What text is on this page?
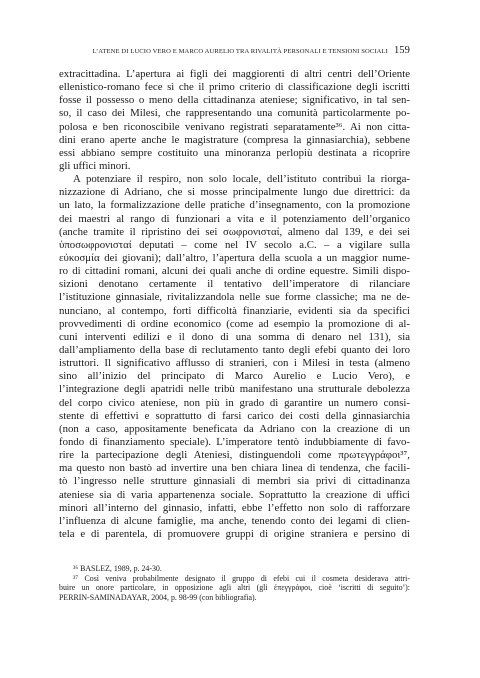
L’ATENE DI LUCIO VERO E MARCO AURELIO TRA RIVALITÀ PERSONALI E TENSIONI SOCIALI 159
extracittadina. L’apertura ai figli dei maggiorenti di altri centri dell’Oriente
ellenistico-romano fece sì che il primo criterio di classificazione degli iscritti
fosse il possesso o meno della cittadinanza ateniese; significativo, in tal sen-
so, il caso dei Milesi, che rappresentando una comunità particolarmente po-
polosa e ben riconoscibile venivano registrati separatamente³⁶. Ai non citta-
dini erano aperte anche le magistrature (compresa la ginnasiarchia), sebbene
essi abbiano sempre costituito una minoranza perlopiù destinata a ricoprire
gli uffici minori.
A potenziare il respiro, non solo locale, dell’istituto contribuì la riorga-
nizzazione di Adriano, che si mosse principalmente lungo due direttrici: da
un lato, la formalizzazione delle pratiche d’insegnamento, con la promozione
dei maestri al rango di funzionari a vita e il potenziamento dell’organico
(anche tramite il ripristino dei sei σωφρονισταί, almeno dal 139, e dei sei
ὑποσωφρονισταί deputati – come nel IV secolo a.C. – a vigilare sulla
εὐκοσμία dei giovani); dall’altro, l’apertura della scuola a un maggior nume-
ro di cittadini romani, alcuni dei quali anche di ordine equestre. Simili dispo-
sizioni denotano certamente il tentativo dell’imperatore di rilanciare
l’istituzione ginnasiale, rivitalizzandola nelle sue forme classiche; ma ne de-
nunciano, al contempo, forti difficoltà finanziarie, evidenti sia da specifici
provvedimenti di ordine economico (come ad esempio la promozione di al-
cuni interventi edilizi e il dono di una somma di denaro nel 131), sia
dall’ampliamento della base di reclutamento tanto degli efebi quanto dei loro
istruttori. Il significativo afflusso di stranieri, con i Milesi in testa (almeno
sino all’inizio del principato di Marco Aurelio e Lucio Vero), e
l’integrazione degli apatridi nelle tribù manifestano una strutturale debolezza
del corpo civico ateniese, non più in grado di garantire un numero consi-
stente di effettivi e soprattutto di farsi carico dei costi della ginnasiarchia
(non a caso, appositamente beneficata da Adriano con la creazione di un
fondo di finanziamento speciale). L’imperatore tentò indubbiamente di favo-
rire la partecipazione degli Ateniesi, distinguendoli come πρωτεγγράφοι³⁷,
ma questo non bastò ad invertire una ben chiara linea di tendenza, che facili-
tò l’ingresso nelle strutture ginnasiali di membri sia privi di cittadinanza
ateniese sia di varia appartenenza sociale. Soprattutto la creazione di uffici
minori all’interno del ginnasio, infatti, ebbe l’effetto non solo di rafforzare
l’influenza di alcune famiglie, ma anche, tenendo conto dei legami di clien-
tela e di parentela, di promuovere gruppi di origine straniera e persino di
³⁶ BASLEZ, 1989, p. 24-30.
³⁷ Così veniva probabilmente designato il gruppo di efebi cui il cosmeta desiderava attri-
buire un onore particolare, in opposizione agli altri (gli ἐπεγγράφοι, cioè ‘iscritti di seguito’):
PERRIN-SAMINADAYAR, 2004, p. 98-99 (con bibliografia).
